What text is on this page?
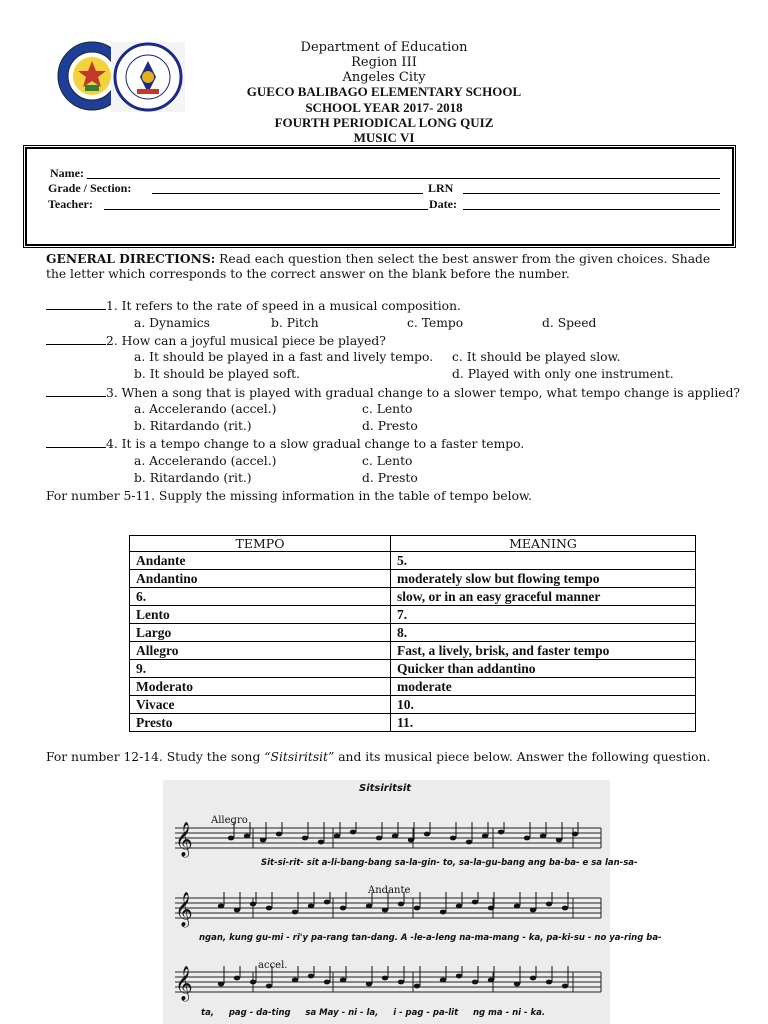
Department of Education
Region III
Angeles City
GUECO BALIBAGO ELEMENTARY SCHOOL
SCHOOL YEAR 2017- 2018
FOURTH PERIODICAL LONG QUIZ
MUSIC VI
Name:
Grade / Section:	LRN
Teacher:	Date:
GENERAL DIRECTIONS: Read each question then select the best answer from the given choices. Shade the letter which corresponds to the correct answer on the blank before the number.
1. It refers to the rate of speed in a musical composition.
a. Dynamics	b. Pitch	c. Tempo	d. Speed
2. How can a joyful musical piece be played?
a. It should be played in a fast and lively tempo. c. It should be played slow.
b. It should be played soft.	d. Played with only one instrument.
3. When a song that is played with gradual change to a slower tempo, what tempo change is applied?
a. Accelerando (accel.)	c. Lento
b. Ritardando (rit.)	d. Presto
4. It is a tempo change to a slow gradual change to a faster tempo.
a. Accelerando (accel.)	c. Lento
b. Ritardando (rit.)	d. Presto
For number 5-11. Supply the missing information in the table of tempo below.
TEMPO	MEANING
Andante	5.
Andantino	moderately slow but flowing tempo
6.	slow, or in an easy graceful manner
Lento	7.
Largo	8.
Allegro	Fast, a lively, brisk, and faster tempo
9.	Quicker than addantino
Moderato	moderate
Vivace	10.
Presto	11.
For number 12-14. Study the song “Sitsiritsit” and its musical piece below. Answer the following question.
Sitsiritsit
Allegro
Andante
accel.
𝄞
𝄞
𝄞
Sit-si-rit- sit a-li-bang-bang sa-la-gin- to, sa-la-gu-bang ang ba-ba- e sa lan-sa-
ngan, kung gu-mi - ri'y pa-rang tan-dang. A -le-a-leng na-ma-mang - ka, pa-ki-su - no ya-ring ba-
ta,     pag - da-ting     sa May - ni - la,     i - pag - pa-lit     ng ma - ni - ka.
